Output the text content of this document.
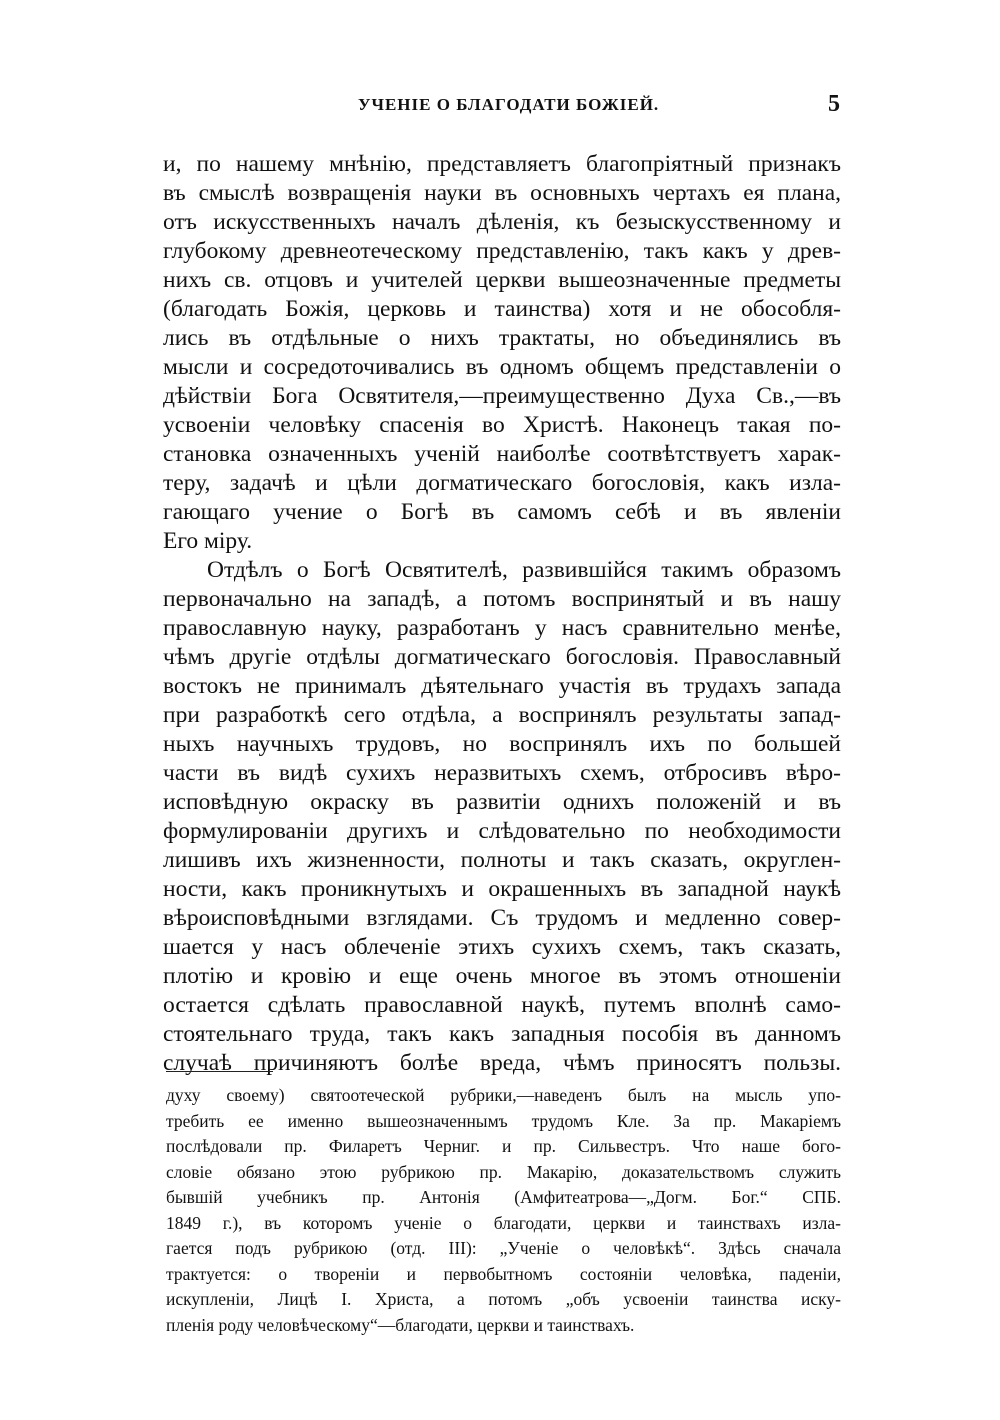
УЧЕНІЕ О БЛАГОДАТИ БОЖІЕЙ.	5
и, по нашему мнѣнію, представляетъ благопріятный признакъ
въ смыслѣ возвращенія науки въ основныхъ чертахъ ея плана,
отъ искусственныхъ началъ дѣленія, къ безыскусственному и
глубокому древнеотеческому представленію, такъ какъ у древ-
нихъ св. отцовъ и учителей церкви вышеозначенные предметы
(благодать Божія, церковь и таинства) хотя и не обособля-
лись въ отдѣльные о нихъ трактаты, но объединялись въ
мысли и сосредоточивались въ одномъ общемъ представленіи о
дѣйствіи Бога Освятителя,—преимущественно Духа Св.,—въ
усвоеніи человѣку спасенія во Христѣ. Наконецъ такая по-
становка означенныхъ ученій наиболѣе соотвѣтствуетъ харак-
теру, задачѣ и цѣли догматическаго богословія, какъ изла-
гающаго учение о Богѣ въ самомъ себѣ и въ явленіи
Его міру.
Отдѣлъ о Богѣ Освятителѣ, развившійся такимъ образомъ
первоначально на западѣ, а потомъ воспринятый и въ нашу
православную науку, разработанъ у насъ сравнительно менѣе,
чѣмъ другіе отдѣлы догматическаго богословія. Православный
востокъ не принималъ дѣятельнаго участія въ трудахъ запада
при разработкѣ сего отдѣла, а воспринялъ результаты запад-
ныхъ научныхъ трудовъ, но воспринялъ ихъ по большей
части въ видѣ сухихъ неразвитыхъ схемъ, отбросивъ вѣро-
исповѣдную окраску въ развитіи однихъ положеній и въ
формулированіи другихъ и слѣдовательно по необходимости
лишивъ ихъ жизненности, полноты и такъ сказать, округлен-
ности, какъ проникнутыхъ и окрашенныхъ въ западной наукѣ
вѣроисповѣдными взглядами. Съ трудомъ и медленно совер-
шается у насъ облеченіе этихъ сухихъ схемъ, такъ сказать,
плотію и кровію и еще очень многое въ этомъ отношеніи
остается сдѣлать православной наукѣ, путемъ вполнѣ само-
стоятельнаго труда, такъ какъ западныя пособія въ данномъ
случаѣ причиняютъ болѣе вреда, чѣмъ приносятъ пользы.
духу своему) святоотеческой рубрики,—наведенъ былъ на мысль упо-
требить ее именно вышеозначеннымъ трудомъ Кле. За пр. Макаріемъ
послѣдовали пр. Филаретъ Черниг. и пр. Сильвестръ. Что наше бого-
словіе обязано этою рубрикою пр. Макарію, доказательствомъ служить
бывшій учебникъ пр. Антонія (Амфитеатрова—„Догм. Бог.“ СПБ.
1849 г.), въ которомъ ученіе о благодати, церкви и таинствахъ изла-
гается подъ рубрикою (отд. III): „Ученіе о человѣкѣ“. Здѣсь сначала
трактуется: о твореніи и первобытномъ состояніи человѣка, паденіи,
искупленіи, Лицѣ І. Христа, а потомъ „объ усвоеніи таинства иску-
пленія роду человѣческому“—благодати, церкви и таинствахъ.
